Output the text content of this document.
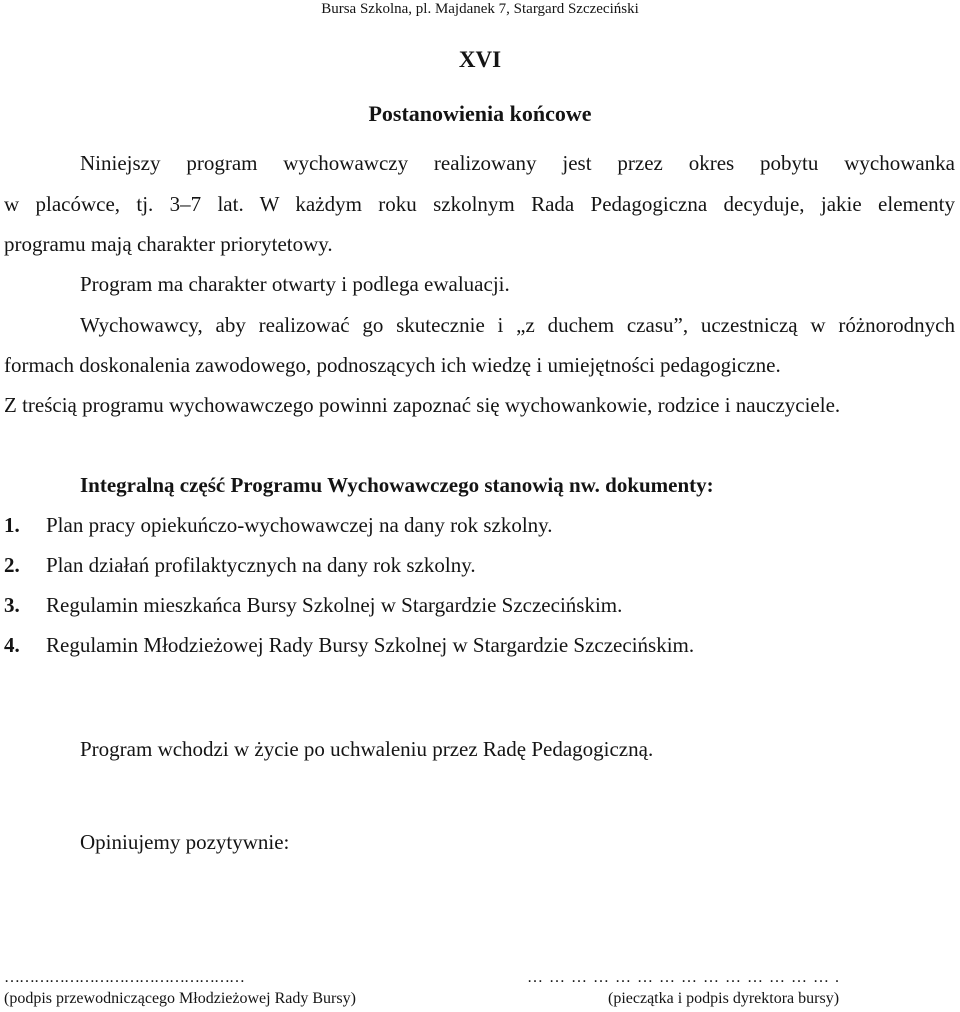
Bursa Szkolna, pl. Majdanek 7, Stargard Szczeciński
XVI
Postanowienia końcowe
Niniejszy program wychowawczy realizowany jest przez okres pobytu wychowanka
w placówce, tj. 3–7 lat. W każdym roku szkolnym Rada Pedagogiczna decyduje, jakie elementy
programu mają charakter priorytetowy.
Program ma charakter otwarty i podlega ewaluacji.
Wychowawcy, aby realizować go skutecznie i „z duchem czasu”, uczestniczą w różnorodnych
formach doskonalenia zawodowego, podnoszących ich wiedzę i umiejętności pedagogiczne.
Z treścią programu wychowawczego powinni zapoznać się wychowankowie, rodzice i nauczyciele.
Integralną część Programu Wychowawczego stanowią nw. dokumenty:
1. Plan pracy opiekuńczo-wychowawczej na dany rok szkolny.
2. Plan działań profilaktycznych na dany rok szkolny.
3. Regulamin mieszkańca Bursy Szkolnej w Stargardzie Szczecińskim.
4. Regulamin Młodzieżowej Rady Bursy Szkolnej w Stargardzie Szczecińskim.
Program wchodzi w życie po uchwaleniu przez Radę Pedagogiczną.
Opiniujemy pozytywnie:
…………………………………………
(podpis przewodniczącego Młodzieżowej Rady Bursy)
…………………………………….
(pieczątka i podpis dyrektora bursy)
